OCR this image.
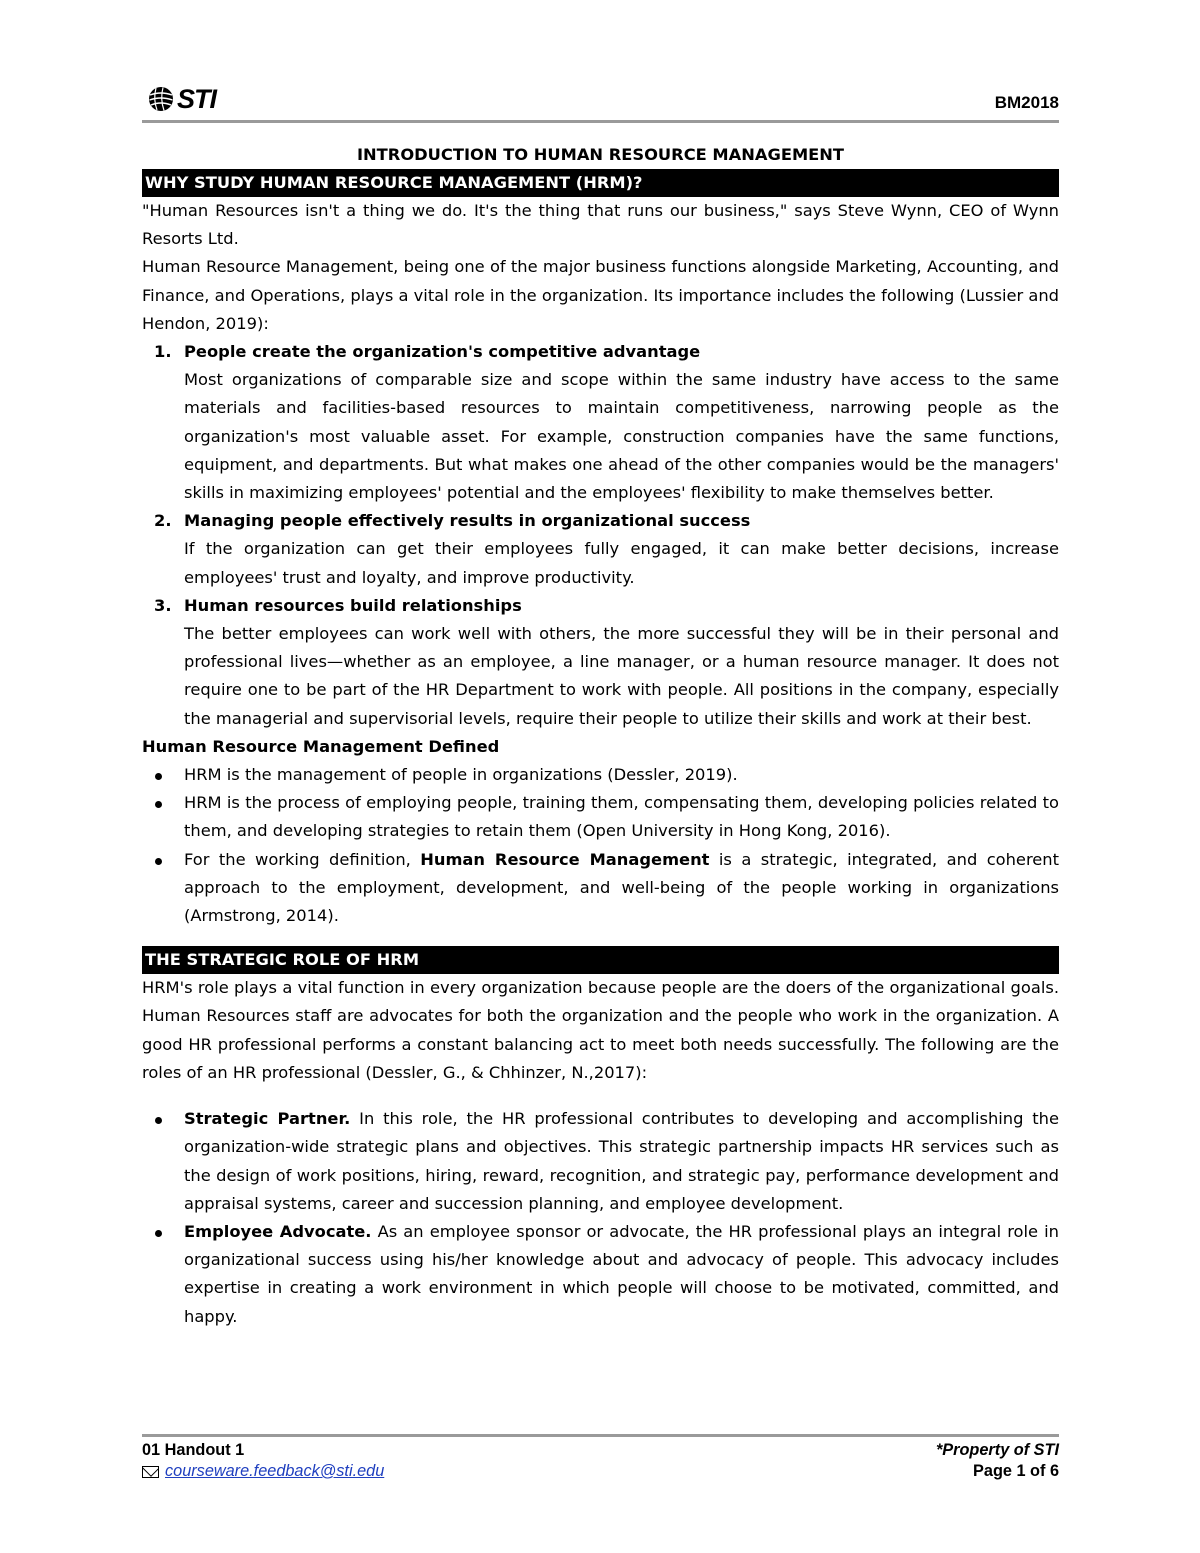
STI	BM2018
INTRODUCTION TO HUMAN RESOURCE MANAGEMENT
WHY STUDY HUMAN RESOURCE MANAGEMENT (HRM)?

"Human Resources isn't a thing we do. It's the thing that runs our business," says Steve Wynn, CEO of Wynn Resorts Ltd.

Human Resource Management, being one of the major business functions alongside Marketing, Accounting, and Finance, and Operations, plays a vital role in the organization. Its importance includes the following (Lussier and Hendon, 2019):

1. People create the organization's competitive advantage
Most organizations of comparable size and scope within the same industry have access to the same materials and facilities-based resources to maintain competitiveness, narrowing people as the organization's most valuable asset. For example, construction companies have the same functions, equipment, and departments. But what makes one ahead of the other companies would be the managers' skills in maximizing employees' potential and the employees' flexibility to make themselves better.
2. Managing people effectively results in organizational success
If the organization can get their employees fully engaged, it can make better decisions, increase employees' trust and loyalty, and improve productivity.
3. Human resources build relationships
The better employees can work well with others, the more successful they will be in their personal and professional lives—whether as an employee, a line manager, or a human resource manager. It does not require one to be part of the HR Department to work with people. All positions in the company, especially the managerial and supervisorial levels, require their people to utilize their skills and work at their best.
Human Resource Management Defined
HRM is the management of people in organizations (Dessler, 2019).
HRM is the process of employing people, training them, compensating them, developing policies related to them, and developing strategies to retain them (Open University in Hong Kong, 2016).
For the working definition, Human Resource Management is a strategic, integrated, and coherent approach to the employment, development, and well-being of the people working in organizations (Armstrong, 2014).
THE STRATEGIC ROLE OF HRM

HRM's role plays a vital function in every organization because people are the doers of the organizational goals. Human Resources staff are advocates for both the organization and the people who work in the organization. A good HR professional performs a constant balancing act to meet both needs successfully. The following are the roles of an HR professional (Dessler, G., & Chhinzer, N.,2017):

Strategic Partner. In this role, the HR professional contributes to developing and accomplishing the organization-wide strategic plans and objectives. This strategic partnership impacts HR services such as the design of work positions, hiring, reward, recognition, and strategic pay, performance development and appraisal systems, career and succession planning, and employee development.
Employee Advocate. As an employee sponsor or advocate, the HR professional plays an integral role in organizational success using his/her knowledge about and advocacy of people. This advocacy includes expertise in creating a work environment in which people will choose to be motivated, committed, and happy.
01 Handout 1
courseware.feedback@sti.edu
*Property of STI
Page 1 of 6
